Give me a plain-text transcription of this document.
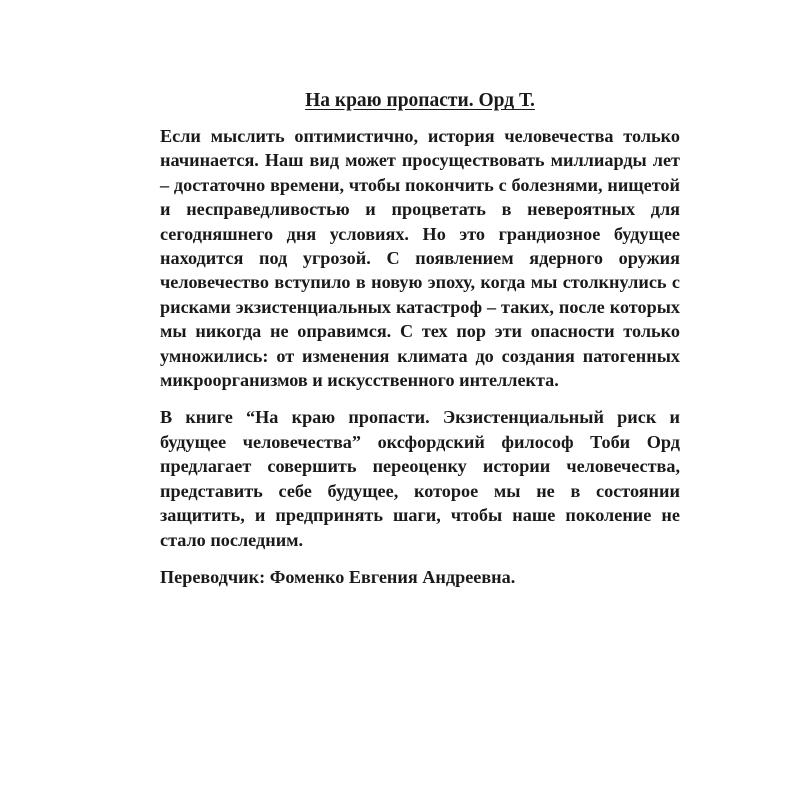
На краю пропасти. Орд Т.

Если мыслить оптимистично, история человечества только начинается. Наш вид может просуществовать миллиарды лет – достаточно времени, чтобы покончить с болезнями, нищетой и несправедливостью и процветать в невероятных для сегодняшнего дня условиях. Но это грандиозное будущее находится под угрозой. С появлением ядерного оружия человечество вступило в новую эпоху, когда мы столкнулись с рисками экзистенциальных катастроф – таких, после которых мы никогда не оправимся. С тех пор эти опасности только умножились: от изменения климата до создания патогенных микроорганизмов и искусственного интеллекта.

В книге “На краю пропасти. Экзистенциальный риск и будущее человечества” оксфордский философ Тоби Орд предлагает совершить переоценку истории человечества, представить себе будущее, которое мы не в состоянии защитить, и предпринять шаги, чтобы наше поколение не стало последним.

Переводчик: Фоменко Евгения Андреевна.
